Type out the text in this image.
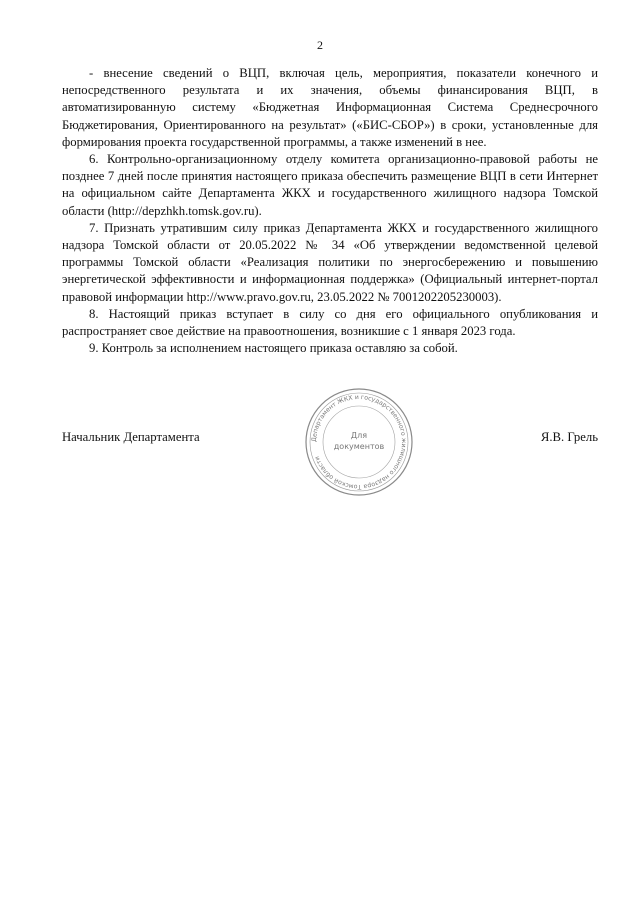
2

- внесение сведений о ВЦП, включая цель, мероприятия, показатели конечного и непосредственного результата и их значения, объемы финансирования ВЦП, в автоматизированную систему «Бюджетная Информационная Система Среднесрочного Бюджетирования, Ориентированного на результат» («БИС-СБОР») в сроки, установленные для формирования проекта государственной программы, а также изменений в нее.

6. Контрольно-организационному отделу комитета организационно-правовой работы не позднее 7 дней после принятия настоящего приказа обеспечить размещение ВЦП в сети Интернет на официальном сайте Департамента ЖКХ и государственного жилищного надзора Томской области (http://depzhkh.tomsk.gov.ru).

7. Признать утратившим силу приказ Департамента ЖКХ и государственного жилищного надзора Томской области от 20.05.2022 № 34 «Об утверждении ведомственной целевой программы Томской области «Реализация политики по энергосбережению и повышению энергетической эффективности и информационная поддержка» (Официальный интернет-портал правовой информации http://www.pravo.gov.ru, 23.05.2022 № 7001202205230003).

8. Настоящий приказ вступает в силу со дня его официального опубликования и распространяет свое действие на правоотношения, возникшие с 1 января 2023 года.

9. Контроль за исполнением настоящего приказа оставляю за собой.

Начальник Департамента	Я.В. Грель
Департамент ЖКХ и государственного жилищного надзора Томской области
Для
документов
